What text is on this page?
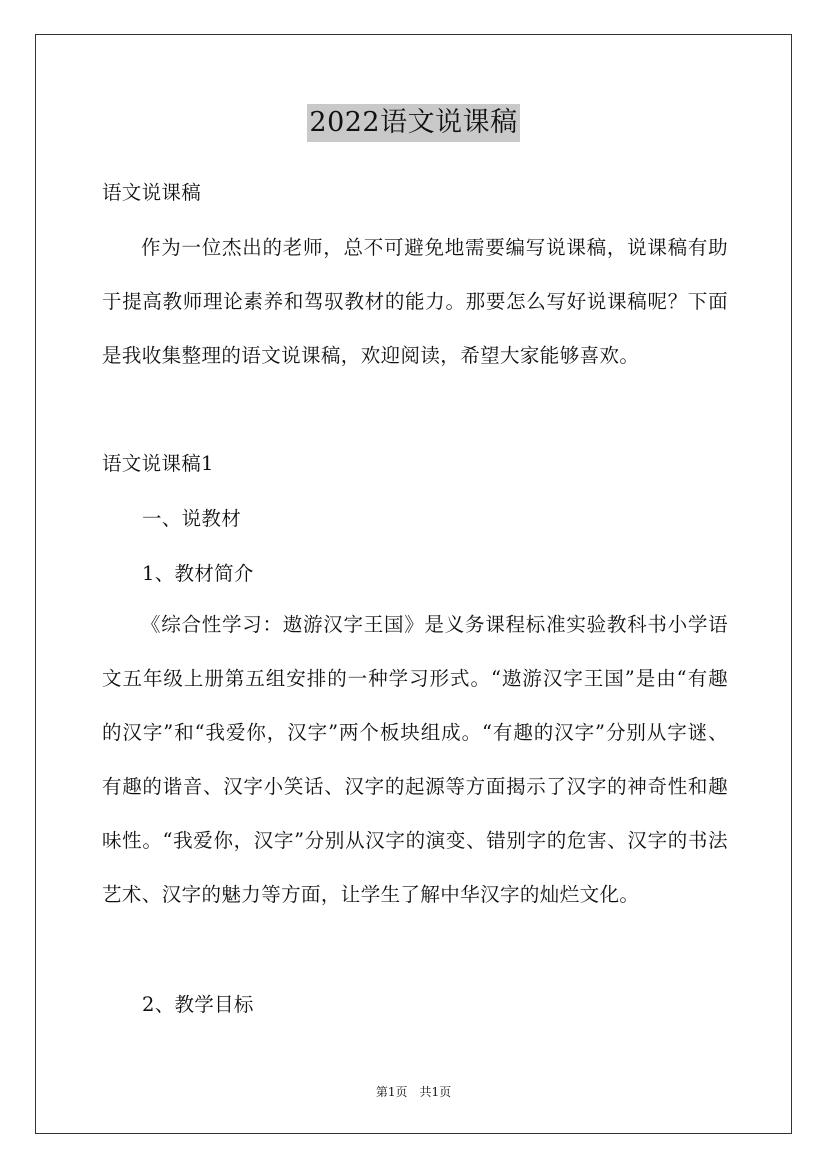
2022语文说课稿
语文说课稿
作为一位杰出的老师，总不可避免地需要编写说课稿，说课稿有助于提高教师理论素养和驾驭教材的能力。那要怎么写好说课稿呢？下面是我收集整理的语文说课稿，欢迎阅读，希望大家能够喜欢。
语文说课稿1
一、说教材
1、教材简介
《综合性学习：遨游汉字王国》是义务课程标准实验教科书小学语文五年级上册第五组安排的一种学习形式。“遨游汉字王国”是由“有趣的汉字”和“我爱你，汉字”两个板块组成。“有趣的汉字”分别从字谜、有趣的谐音、汉字小笑话、汉字的起源等方面揭示了汉字的神奇性和趣味性。“我爱你，汉字”分别从汉字的演变、错别字的危害、汉字的书法艺术、汉字的魅力等方面，让学生了解中华汉字的灿烂文化。
2、教学目标
第1页　共1页
